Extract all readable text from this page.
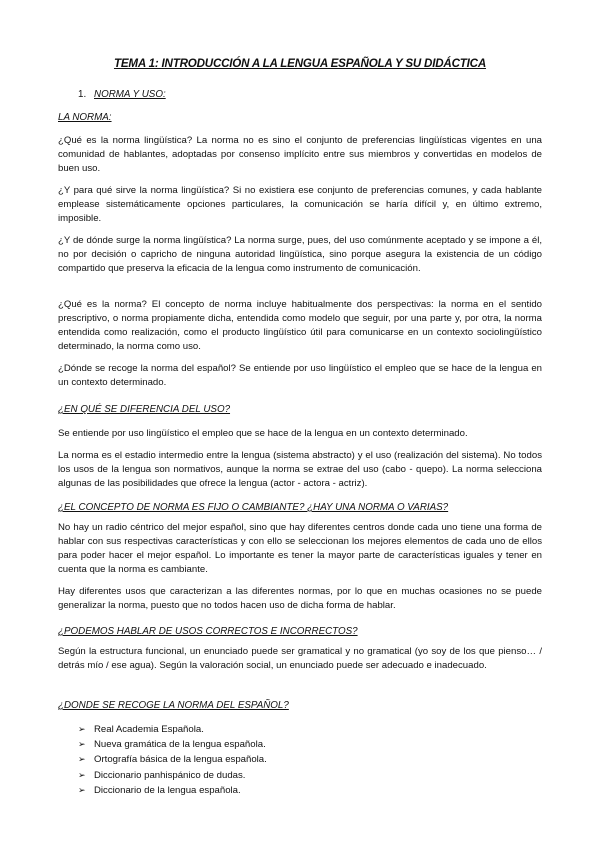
TEMA 1: INTRODUCCIÓN A LA LENGUA ESPAÑOLA Y SU DIDÁCTICA
1. NORMA Y USO:
LA NORMA:

¿Qué es la norma lingüística? La norma no es sino el conjunto de preferencias lingüísticas vigentes en una comunidad de hablantes, adoptadas por consenso implícito entre sus miembros y convertidas en modelos de buen uso.

¿Y para qué sirve la norma lingüística? Si no existiera ese conjunto de preferencias comunes, y cada hablante emplease sistemáticamente opciones particulares, la comunicación se haría difícil y, en último extremo, imposible.

¿Y de dónde surge la norma lingüística? La norma surge, pues, del uso comúnmente aceptado y se impone a él, no por decisión o capricho de ninguna autoridad lingüística, sino porque asegura la existencia de un código compartido que preserva la eficacia de la lengua como instrumento de comunicación.

¿Qué es la norma? El concepto de norma incluye habitualmente dos perspectivas: la norma en el sentido prescriptivo, o norma propiamente dicha, entendida como modelo que seguir, por una parte y, por otra, la norma entendida como realización, como el producto lingüístico útil para comunicarse en un contexto sociolingüístico determinado, la norma como uso.

¿Dónde se recoge la norma del español? Se entiende por uso lingüístico el empleo que se hace de la lengua en un contexto determinado.

¿EN QUÉ SE DIFERENCIA DEL USO?

Se entiende por uso lingüístico el empleo que se hace de la lengua en un contexto determinado.

La norma es el estadio intermedio entre la lengua (sistema abstracto) y el uso (realización del sistema). No todos los usos de la lengua son normativos, aunque la norma se extrae del uso (cabo - quepo). La norma selecciona algunas de las posibilidades que ofrece la lengua (actor - actora - actriz).

¿EL CONCEPTO DE NORMA ES FIJO O CAMBIANTE? ¿HAY UNA NORMA O VARIAS?

No hay un radio céntrico del mejor español, sino que hay diferentes centros donde cada uno tiene una forma de hablar con sus respectivas características y con ello se seleccionan los mejores elementos de cada uno de ellos para poder hacer el mejor español. Lo importante es tener la mayor parte de características iguales y tener en cuenta que la norma es cambiante.

Hay diferentes usos que caracterizan a las diferentes normas, por lo que en muchas ocasiones no se puede generalizar la norma, puesto que no todos hacen uso de dicha forma de hablar.

¿PODEMOS HABLAR DE USOS CORRECTOS E INCORRECTOS?

Según la estructura funcional, un enunciado puede ser gramatical y no gramatical (yo soy de los que pienso… / detrás mío / ese agua). Según la valoración social, un enunciado puede ser adecuado e inadecuado.

¿DONDE SE RECOGE LA NORMA DEL ESPAÑOL?
➢ Real Academia Española.
➢ Nueva gramática de la lengua española.
➢ Ortografía básica de la lengua española.
➢ Diccionario panhispánico de dudas.
➢ Diccionario de la lengua española.
